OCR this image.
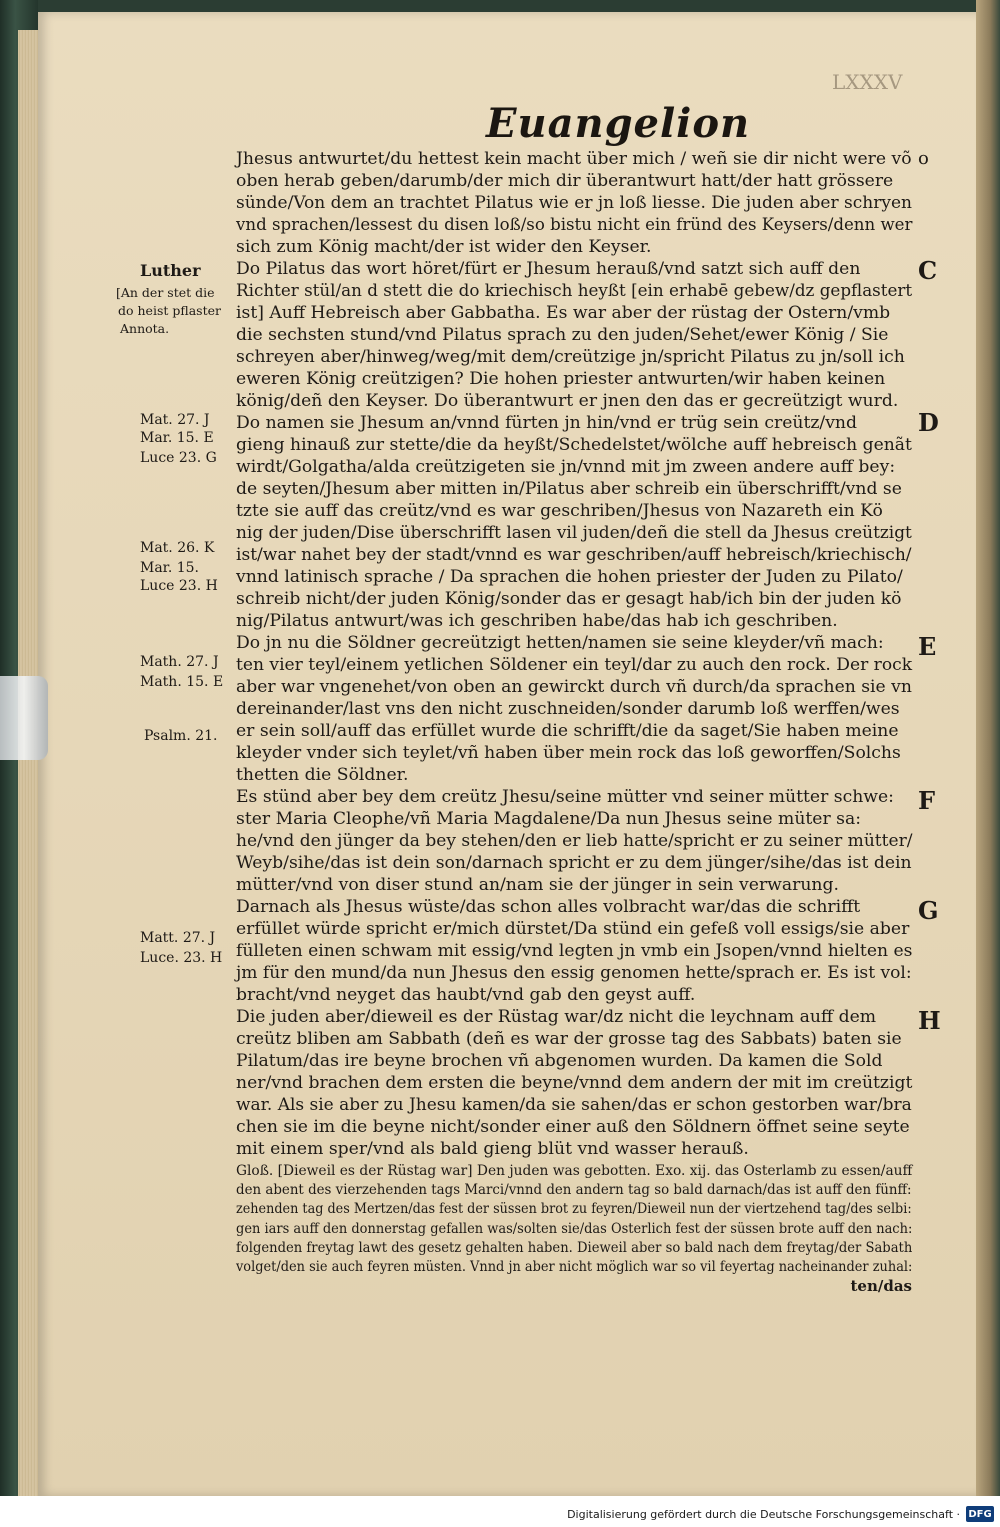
LXXXV
Euangelion
o
C
D
E
F
G
H
Luther
[An der stet die
do heist pflaster
Annota.
Mat. 27. J
Mar. 15. E
Luce 23. G
Mat. 26. K
Mar. 15.
Luce 23. H
Math. 27. J
Math. 15. E
Psalm. 21.
Matt. 27. J
Luce. 23. H
Jhesus antwurtet/du hettest kein macht über mich / weñ sie dir nicht were võ
oben herab geben/darumb/der mich dir überantwurt hatt/der hatt grössere
sünde/Von dem an trachtet Pilatus wie er jn loß liesse. Die juden aber schryen
vnd sprachen/lessest du disen loß/so bistu nicht ein fründ des Keysers/denn wer
sich zum König macht/der ist wider den Keyser.
Do Pilatus das wort höret/fürt er Jhesum herauß/vnd satzt sich auff den
Richter stül/an d stett die do kriechisch heyßt [ein erhabē gebew/dz gepflastert
ist] Auff Hebreisch aber Gabbatha. Es war aber der rüstag der Ostern/vmb
die sechsten stund/vnd Pilatus sprach zu den juden/Sehet/ewer König / Sie
schreyen aber/hinweg/weg/mit dem/creützige jn/spricht Pilatus zu jn/soll ich
eweren König creützigen? Die hohen priester antwurten/wir haben keinen
könig/deñ den Keyser. Do überantwurt er jnen den das er gecreützigt wurd.
Do namen sie Jhesum an/vnnd fürten jn hin/vnd er trüg sein creütz/vnd
gieng hinauß zur stette/die da heyßt/Schedelstet/wölche auff hebreisch genãt
wirdt/Golgatha/alda creützigeten sie jn/vnnd mit jm zween andere auff bey:
de seyten/Jhesum aber mitten in/Pilatus aber schreib ein überschrifft/vnd se
tzte sie auff das creütz/vnd es war geschriben/Jhesus von Nazareth ein Kö
nig der juden/Dise überschrifft lasen vil juden/deñ die stell da Jhesus creützigt
ist/war nahet bey der stadt/vnnd es war geschriben/auff hebreisch/kriechisch/
vnnd latinisch sprache / Da sprachen die hohen priester der Juden zu Pilato/
schreib nicht/der juden König/sonder das er gesagt hab/ich bin der juden kö
nig/Pilatus antwurt/was ich geschriben habe/das hab ich geschriben.
Do jn nu die Söldner gecreützigt hetten/namen sie seine kleyder/vñ mach:
ten vier teyl/einem yetlichen Söldener ein teyl/dar zu auch den rock. Der rock
aber war vngenehet/von oben an gewirckt durch vñ durch/da sprachen sie vn
dereinander/last vns den nicht zuschneiden/sonder darumb loß werffen/wes
er sein soll/auff das erfüllet wurde die schrifft/die da saget/Sie haben meine
kleyder vnder sich teylet/vñ haben über mein rock das loß geworffen/Solchs
thetten die Söldner.
Es stünd aber bey dem creütz Jhesu/seine mütter vnd seiner mütter schwe:
ster Maria Cleophe/vñ Maria Magdalene/Da nun Jhesus seine müter sa:
he/vnd den jünger da bey stehen/den er lieb hatte/spricht er zu seiner mütter/
Weyb/sihe/das ist dein son/darnach spricht er zu dem jünger/sihe/das ist dein
mütter/vnd von diser stund an/nam sie der jünger in sein verwarung.
Darnach als Jhesus wüste/das schon alles volbracht war/das die schrifft
erfüllet würde spricht er/mich dürstet/Da stünd ein gefeß voll essigs/sie aber
fülleten einen schwam mit essig/vnd legten jn vmb ein Jsopen/vnnd hielten es
jm für den mund/da nun Jhesus den essig genomen hette/sprach er. Es ist vol:
bracht/vnd neyget das haubt/vnd gab den geyst auff.
Die juden aber/dieweil es der Rüstag war/dz nicht die leychnam auff dem
creütz bliben am Sabbath (deñ es war der grosse tag des Sabbats) baten sie
Pilatum/das ire beyne brochen vñ abgenomen wurden. Da kamen die Sold
ner/vnd brachen dem ersten die beyne/vnnd dem andern der mit im creützigt
war. Als sie aber zu Jhesu kamen/da sie sahen/das er schon gestorben war/bra
chen sie im die beyne nicht/sonder einer auß den Söldnern öffnet seine seyte
mit einem sper/vnd als bald gieng blüt vnd wasser herauß.
Gloß. [Dieweil es der Rüstag war] Den juden was gebotten. Exo. xij. das Osterlamb zu essen/auff
den abent des vierzehenden tags Marci/vnnd den andern tag so bald darnach/das ist auff den fünff:
zehenden tag des Mertzen/das fest der süssen brot zu feyren/Dieweil nun der viertzehend tag/des selbi:
gen iars auff den donnerstag gefallen was/solten sie/das Osterlich fest der süssen brote auff den nach:
folgenden freytag lawt des gesetz gehalten haben. Dieweil aber so bald nach dem freytag/der Sabath
volget/den sie auch feyren müsten. Vnnd jn aber nicht möglich war so vil feyertag nacheinander zuhal:
ten/das
Digitalisierung gefördert durch die Deutsche Forschungsgemeinschaft · DFG
